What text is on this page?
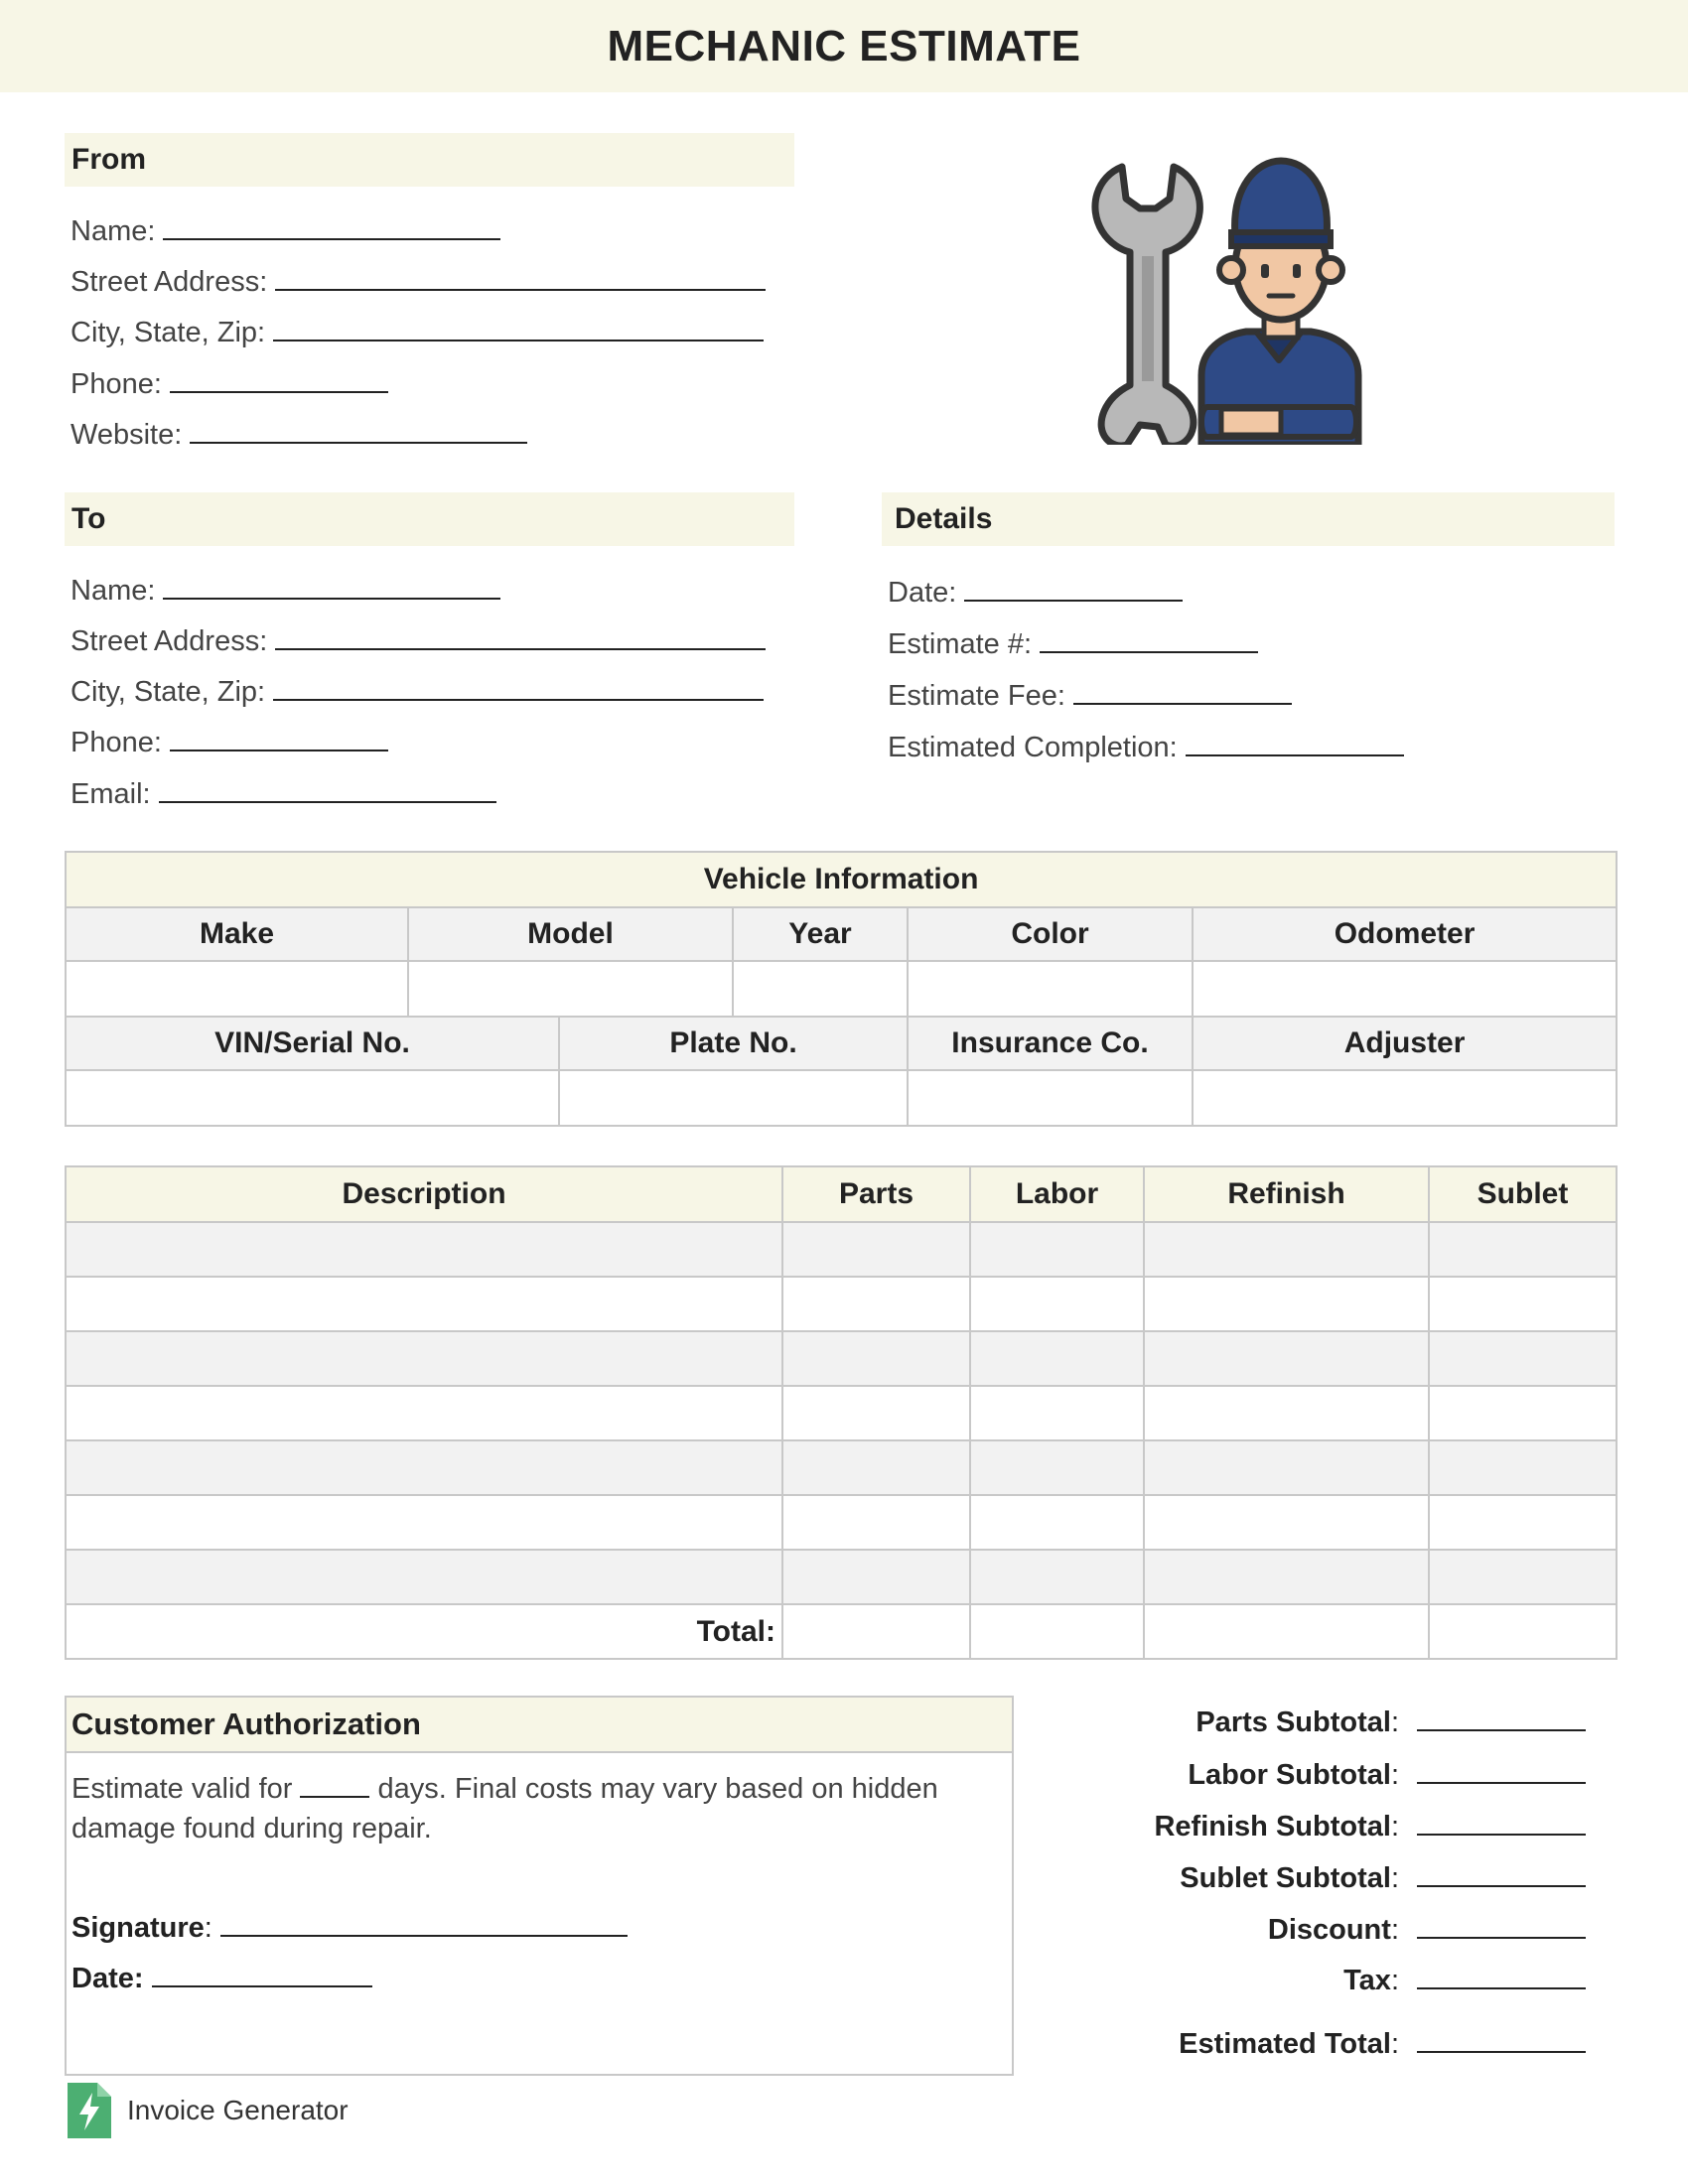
MECHANIC ESTIMATE
From
Name:
Street Address:
City, State, Zip:
Phone:
Website:
To
Name:
Street Address:
City, State, Zip:
Phone:
Email:
Details
Date:
Estimate #:
Estimate Fee:
Estimated Completion:
Vehicle Information					
Make	Model		Year	Color	Odometer

VIN/Serial No.		Plate No.		Insurance Co.	Adjuster

Description	Parts	Labor	Refinish	Sublet

Total:				
Customer Authorization
Estimate valid for	days. Final costs may vary based on hidden damage found during repair.
Signature :
Date:
Parts Subtotal :
Labor Subtotal :
Refinish Subtotal :
Sublet Subtotal :
Discount :
Tax :
Estimated Total :
Invoice Generator
